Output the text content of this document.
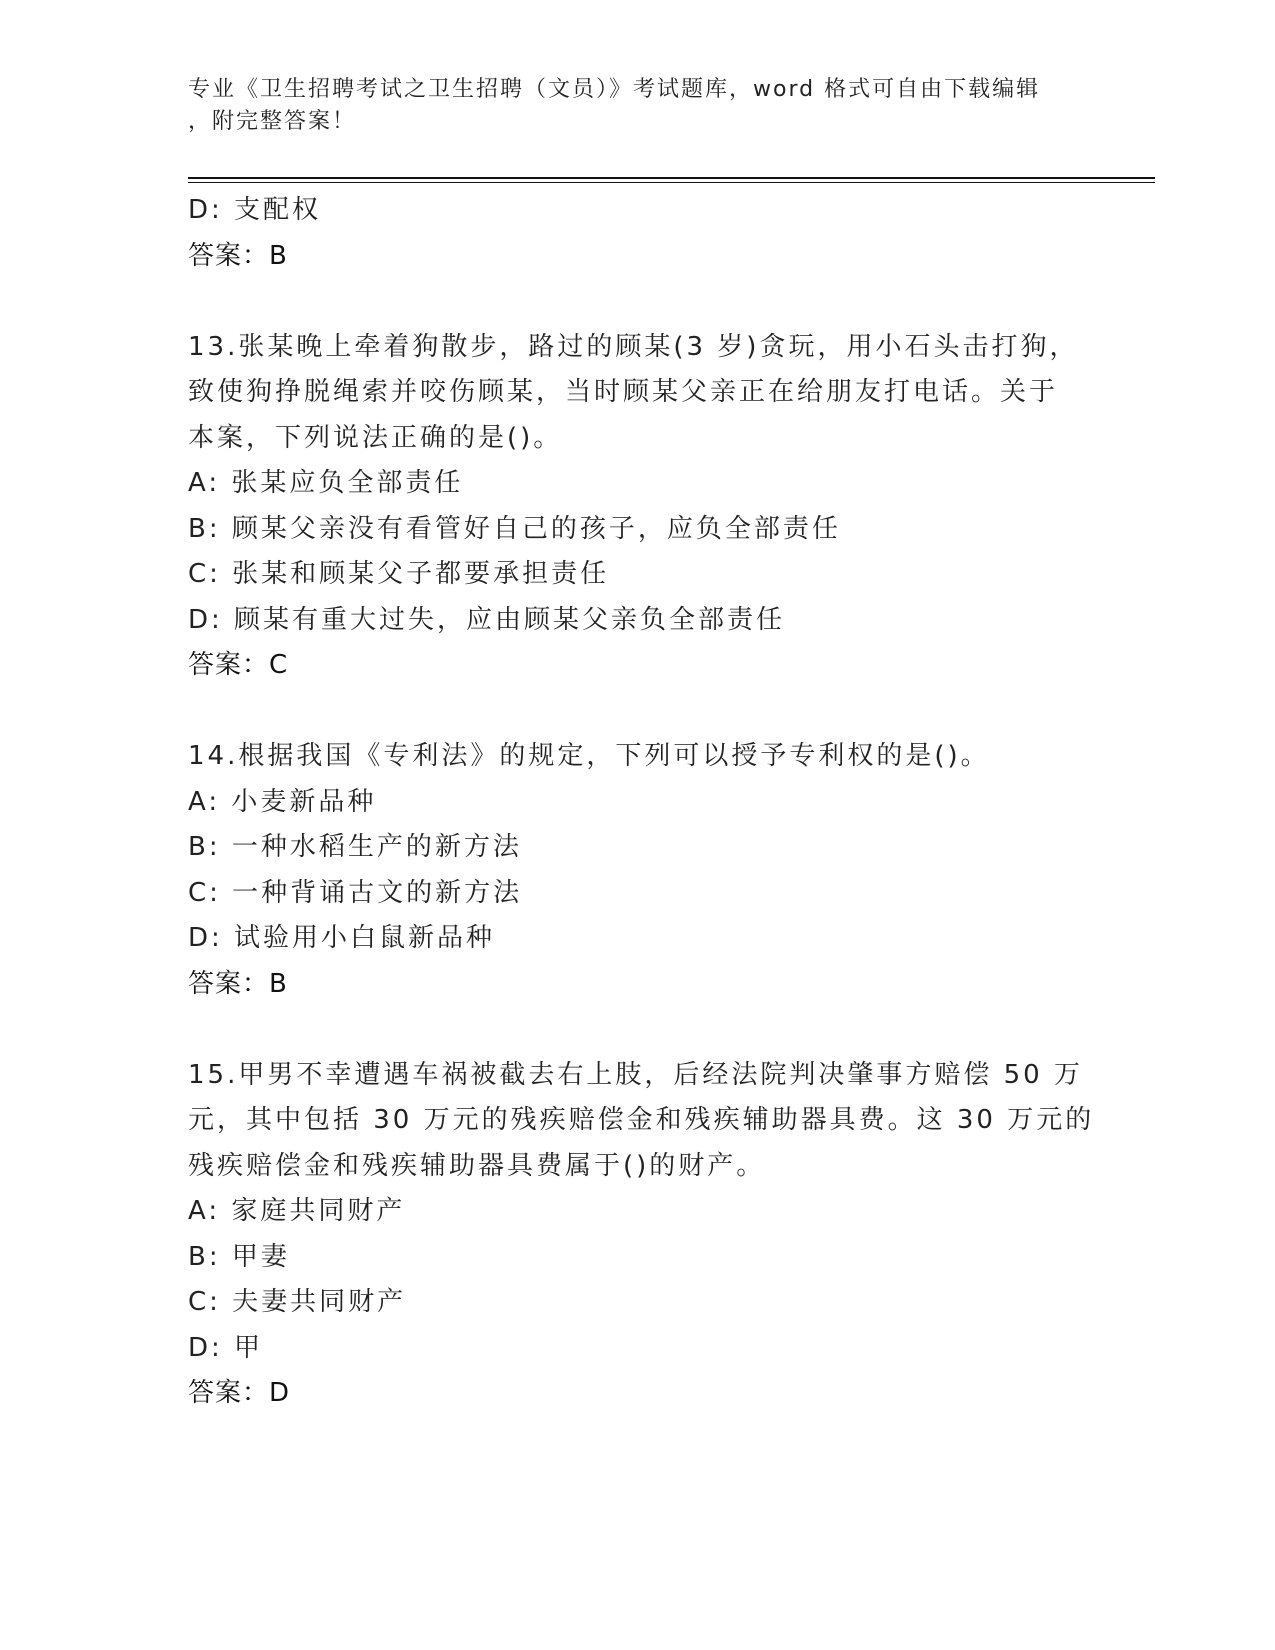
专业《卫生招聘考试之卫生招聘（文员）》考试题库，word 格式可自由下载编辑
，附完整答案！
D: 支配权
答案：B
13.张某晚上牵着狗散步，路过的顾某(3 岁)贪玩，用小石头击打狗，
致使狗挣脱绳索并咬伤顾某，当时顾某父亲正在给朋友打电话。关于
本案，下列说法正确的是()。
A: 张某应负全部责任
B: 顾某父亲没有看管好自己的孩子，应负全部责任
C: 张某和顾某父子都要承担责任
D: 顾某有重大过失，应由顾某父亲负全部责任
答案：C
14.根据我国《专利法》的规定，下列可以授予专利权的是()。
A: 小麦新品种
B: 一种水稻生产的新方法
C: 一种背诵古文的新方法
D: 试验用小白鼠新品种
答案：B
15.甲男不幸遭遇车祸被截去右上肢，后经法院判决肇事方赔偿 50 万
元，其中包括 30 万元的残疾赔偿金和残疾辅助器具费。这 30 万元的
残疾赔偿金和残疾辅助器具费属于()的财产。
A: 家庭共同财产
B: 甲妻
C: 夫妻共同财产
D: 甲
答案：D
